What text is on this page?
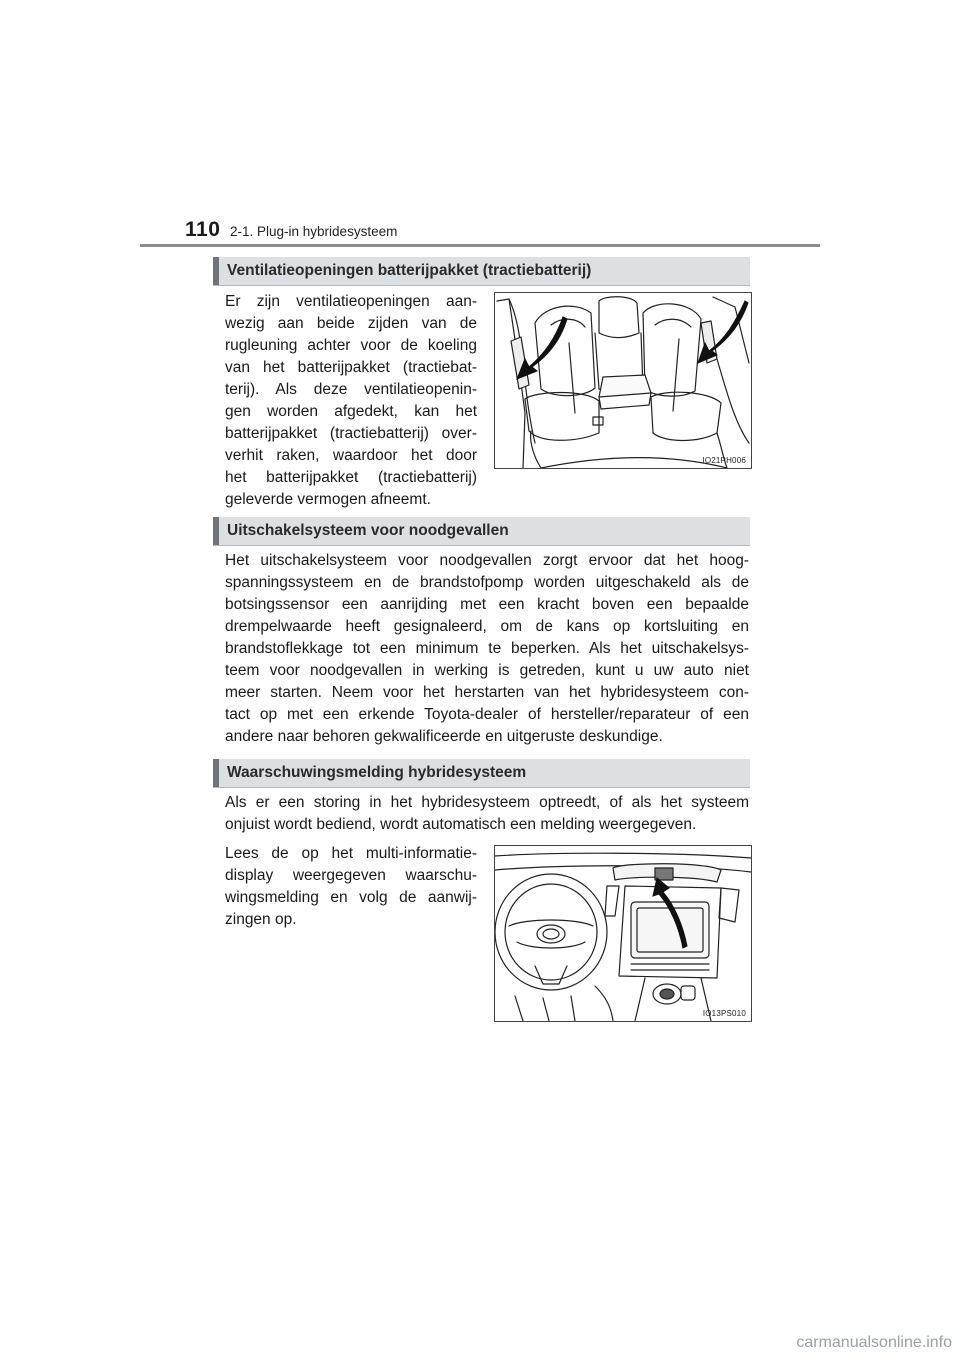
110 2-1. Plug-in hybridesysteem
Ventilatieopeningen batterijpakket (tractiebatterij)
Er zijn ventilatieopeningen aan-
wezig aan beide zijden van de
rugleuning achter voor de koeling
van het batterijpakket (tractiebat-
terij). Als deze ventilatieopenin-
gen worden afgedekt, kan het
batterijpakket (tractiebatterij) over-
verhit raken, waardoor het door
het batterijpakket (tractiebatterij)
geleverde vermogen afneemt.
IO21PH006
Uitschakelsysteem voor noodgevallen
Het uitschakelsysteem voor noodgevallen zorgt ervoor dat het hoog-
spanningssysteem en de brandstofpomp worden uitgeschakeld als de
botsingssensor een aanrijding met een kracht boven een bepaalde
drempelwaarde heeft gesignaleerd, om de kans op kortsluiting en
brandstoflekkage tot een minimum te beperken. Als het uitschakelsys-
teem voor noodgevallen in werking is getreden, kunt u uw auto niet
meer starten. Neem voor het herstarten van het hybridesysteem con-
tact op met een erkende Toyota-dealer of hersteller/reparateur of een
andere naar behoren gekwalificeerde en uitgeruste deskundige.
Waarschuwingsmelding hybridesysteem
Als er een storing in het hybridesysteem optreedt, of als het systeem
onjuist wordt bediend, wordt automatisch een melding weergegeven.
Lees de op het multi-informatie-
display weergegeven waarschu-
wingsmelding en volg de aanwij-
zingen op.
IO13PS010
carmanualsonline.info
